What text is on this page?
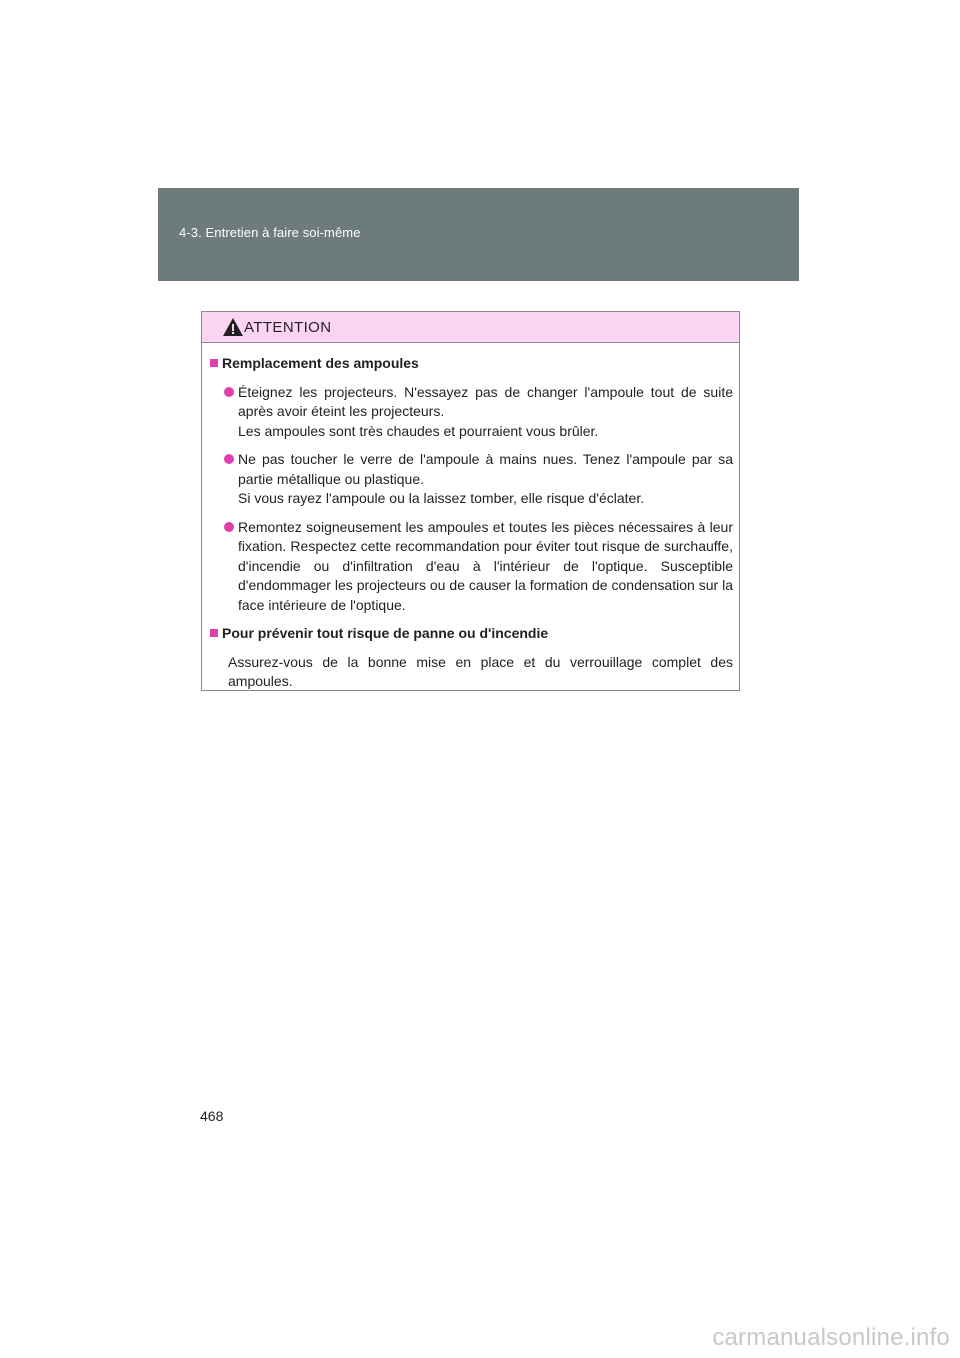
4-3. Entretien à faire soi-même
ATTENTION
Remplacement des ampoules
Éteignez les projecteurs. N'essayez pas de changer l'ampoule tout de suite après avoir éteint les projecteurs.
Les ampoules sont très chaudes et pourraient vous brûler.
Ne pas toucher le verre de l'ampoule à mains nues. Tenez l'ampoule par sa partie métallique ou plastique.
Si vous rayez l'ampoule ou la laissez tomber, elle risque d'éclater.
Remontez soigneusement les ampoules et toutes les pièces nécessaires à leur fixation. Respectez cette recommandation pour éviter tout risque de surchauffe, d'incendie ou d'infiltration d'eau à l'intérieur de l'optique. Susceptible d'endommager les projecteurs ou de causer la formation de condensation sur la face intérieure de l'optique.
Pour prévenir tout risque de panne ou d'incendie
Assurez-vous de la bonne mise en place et du verrouillage complet des ampoules.
468
carmanualsonline.info
